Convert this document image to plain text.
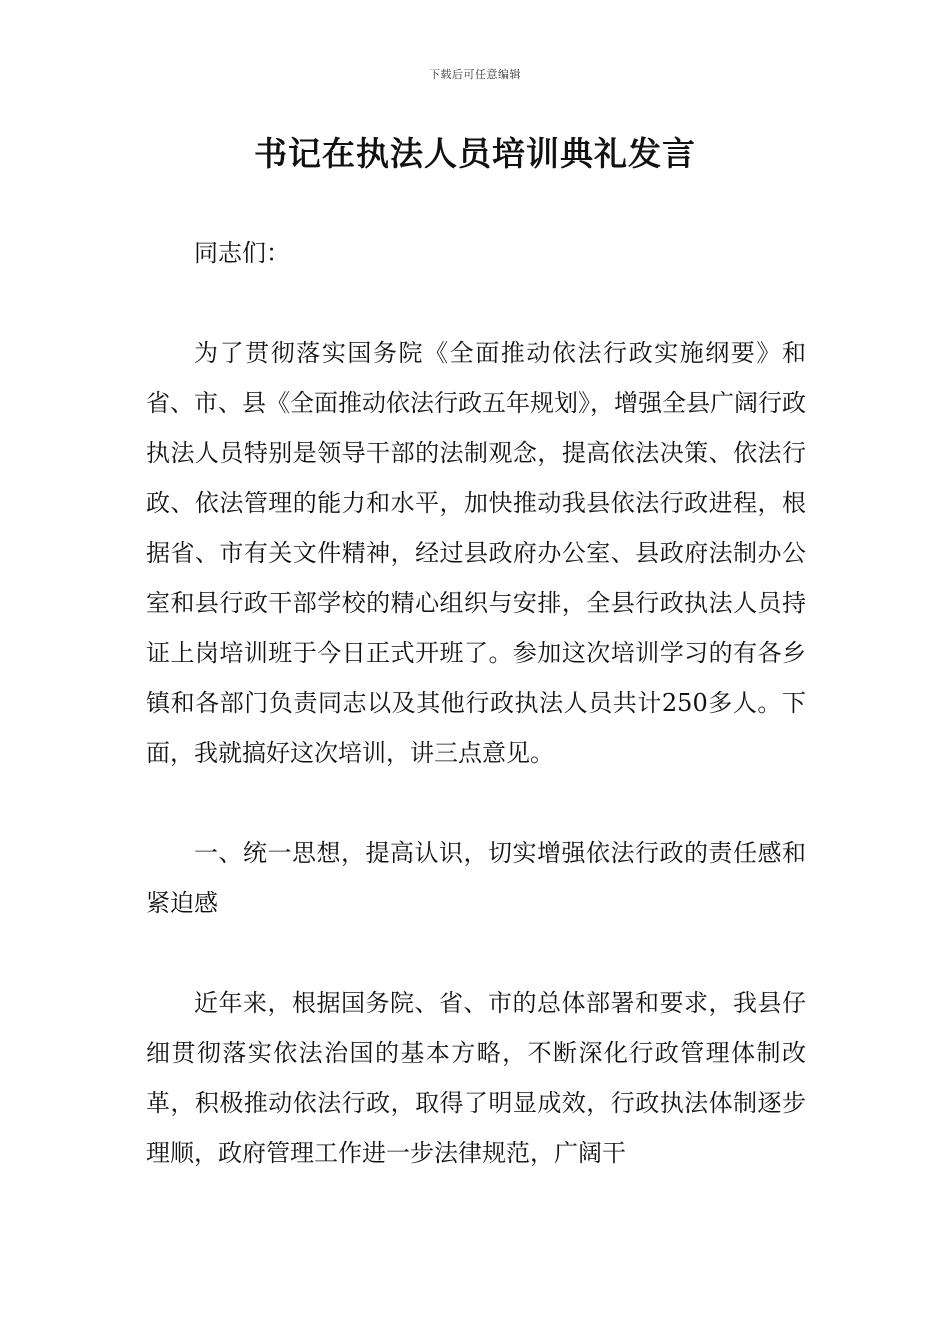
下载后可任意编辑
书记在执法人员培训典礼发言

同志们：

为了贯彻落实国务院《全面推动依法行政实施纲要》和省、市、县《全面推动依法行政五年规划》，增强全县广阔行政执法人员特别是领导干部的法制观念，提高依法决策、依法行政、依法管理的能力和水平，加快推动我县依法行政进程，根据省、市有关文件精神，经过县政府办公室、县政府法制办公室和县行政干部学校的精心组织与安排，全县行政执法人员持证上岗培训班于今日正式开班了。参加这次培训学习的有各乡镇和各部门负责同志以及其他行政执法人员共计250多人。下面，我就搞好这次培训，讲三点意见。

一、统一思想，提高认识，切实增强依法行政的责任感和紧迫感

近年来，根据国务院、省、市的总体部署和要求，我县仔细贯彻落实依法治国的基本方略，不断深化行政管理体制改革，积极推动依法行政，取得了明显成效，行政执法体制逐步理顺，政府管理工作进一步法律规范，广阔干
